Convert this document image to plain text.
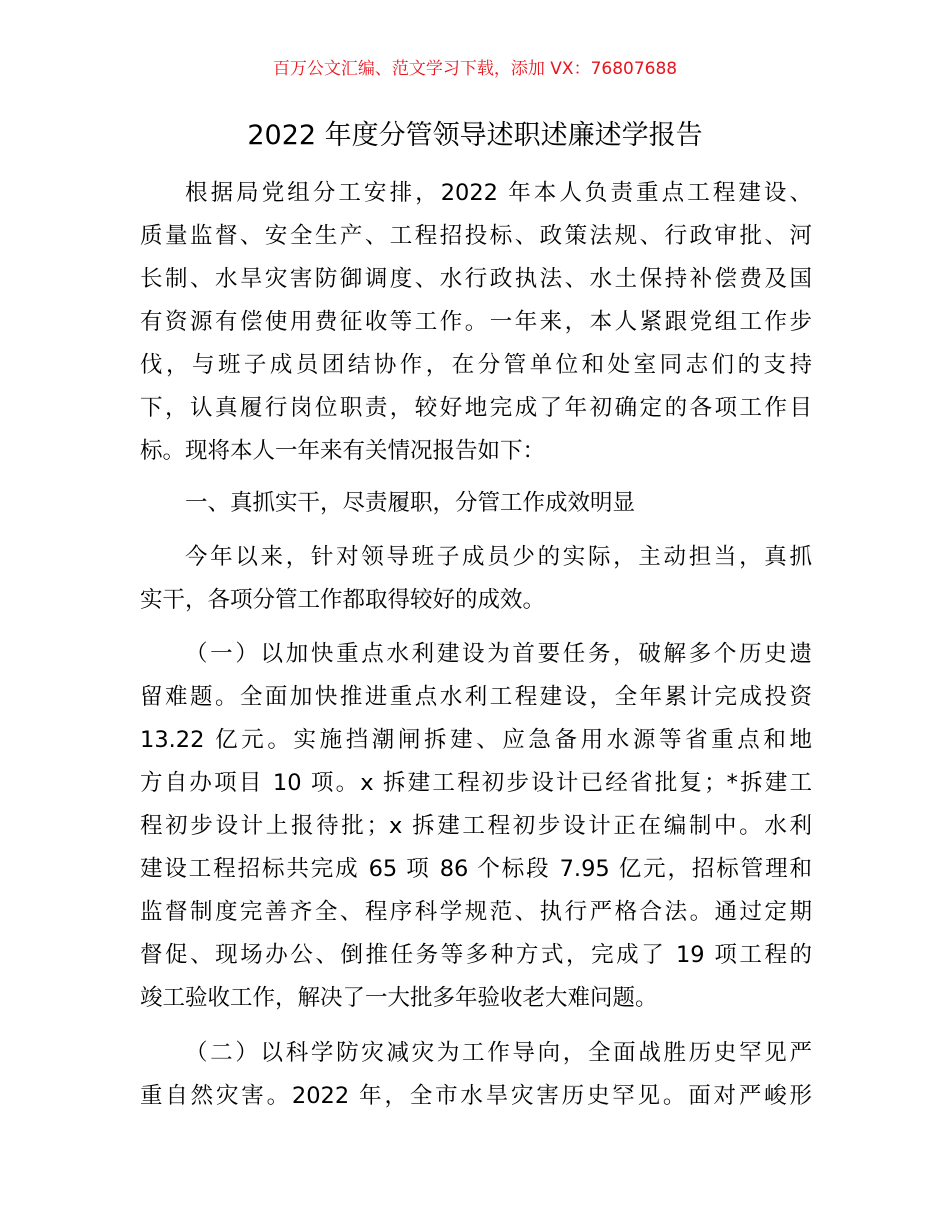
百万公文汇编、范文学习下载，添加 VX：76807688
2022 年度分管领导述职述廉述学报告
根据局党组分工安排，2022 年本人负责重点工程建设、
质量监督、安全生产、工程招投标、政策法规、行政审批、河
长制、水旱灾害防御调度、水行政执法、水土保持补偿费及国
有资源有偿使用费征收等工作。一年来，本人紧跟党组工作步
伐，与班子成员团结协作，在分管单位和处室同志们的支持
下，认真履行岗位职责，较好地完成了年初确定的各项工作目
标。现将本人一年来有关情况报告如下：
一、真抓实干，尽责履职，分管工作成效明显
今年以来，针对领导班子成员少的实际，主动担当，真抓
实干，各项分管工作都取得较好的成效。
（一）以加快重点水利建设为首要任务，破解多个历史遗
留难题。全面加快推进重点水利工程建设，全年累计完成投资
13.22 亿元。实施挡潮闸拆建、应急备用水源等省重点和地
方自办项目 10 项。x 拆建工程初步设计已经省批复；*拆建工
程初步设计上报待批；x 拆建工程初步设计正在编制中。水利
建设工程招标共完成 65 项 86 个标段 7.95 亿元，招标管理和
监督制度完善齐全、程序科学规范、执行严格合法。通过定期
督促、现场办公、倒推任务等多种方式，完成了 19 项工程的
竣工验收工作，解决了一大批多年验收老大难问题。
（二）以科学防灾减灾为工作导向，全面战胜历史罕见严
重自然灾害。2022 年，全市水旱灾害历史罕见。面对严峻形
